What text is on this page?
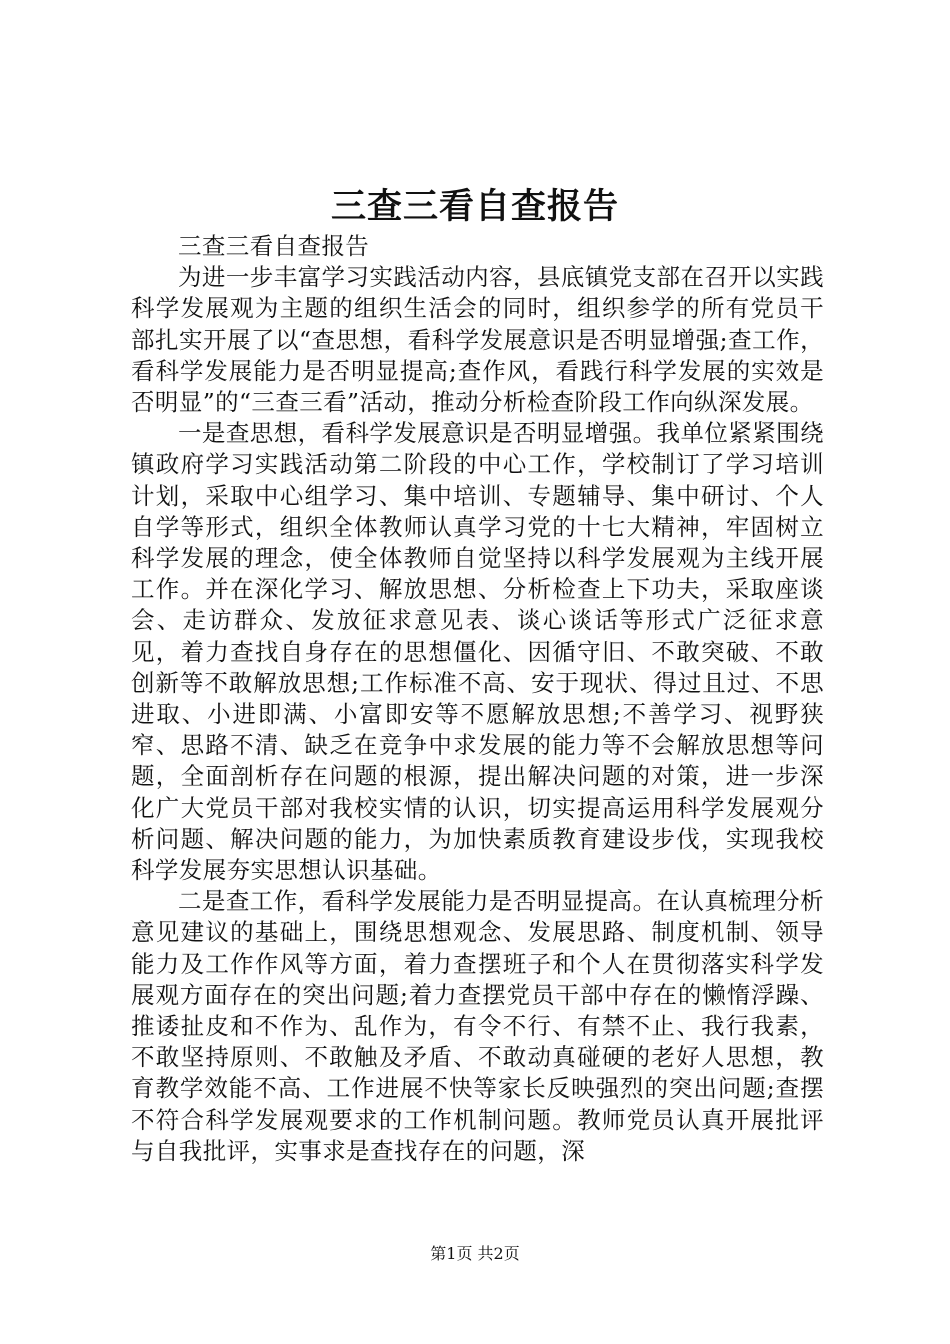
三查三看自查报告

三查三看自查报告

为进一步丰富学习实践活动内容，县底镇党支部在召开以实践科学发展观为主题的组织生活会的同时，组织参学的所有党员干部扎实开展了以“查思想，看科学发展意识是否明显增强;查工作，看科学发展能力是否明显提高;查作风，看践行科学发展的实效是否明显”的“三查三看”活动，推动分析检查阶段工作向纵深发展。

一是查思想，看科学发展意识是否明显增强。我单位紧紧围绕镇政府学习实践活动第二阶段的中心工作，学校制订了学习培训计划，采取中心组学习、集中培训、专题辅导、集中研讨、个人自学等形式，组织全体教师认真学习党的十七大精神，牢固树立科学发展的理念，使全体教师自觉坚持以科学发展观为主线开展工作。并在深化学习、解放思想、分析检查上下功夫，采取座谈会、走访群众、发放征求意见表、谈心谈话等形式广泛征求意见，着力查找自身存在的思想僵化、因循守旧、不敢突破、不敢创新等不敢解放思想;工作标准不高、安于现状、得过且过、不思进取、小进即满、小富即安等不愿解放思想;不善学习、视野狭窄、思路不清、缺乏在竞争中求发展的能力等不会解放思想等问题，全面剖析存在问题的根源，提出解决问题的对策，进一步深化广大党员干部对我校实情的认识，切实提高运用科学发展观分析问题、解决问题的能力，为加快素质教育建设步伐，实现我校科学发展夯实思想认识基础。

二是查工作，看科学发展能力是否明显提高。在认真梳理分析意见建议的基础上，围绕思想观念、发展思路、制度机制、领导能力及工作作风等方面，着力查摆班子和个人在贯彻落实科学发展观方面存在的突出问题;着力查摆党员干部中存在的懒惰浮躁、推诿扯皮和不作为、乱作为，有令不行、有禁不止、我行我素，不敢坚持原则、不敢触及矛盾、不敢动真碰硬的老好人思想，教育教学效能不高、工作进展不快等家长反映强烈的突出问题;查摆不符合科学发展观要求的工作机制问题。教师党员认真开展批评与自我批评，实事求是查找存在的问题，深

第1页 共2页
